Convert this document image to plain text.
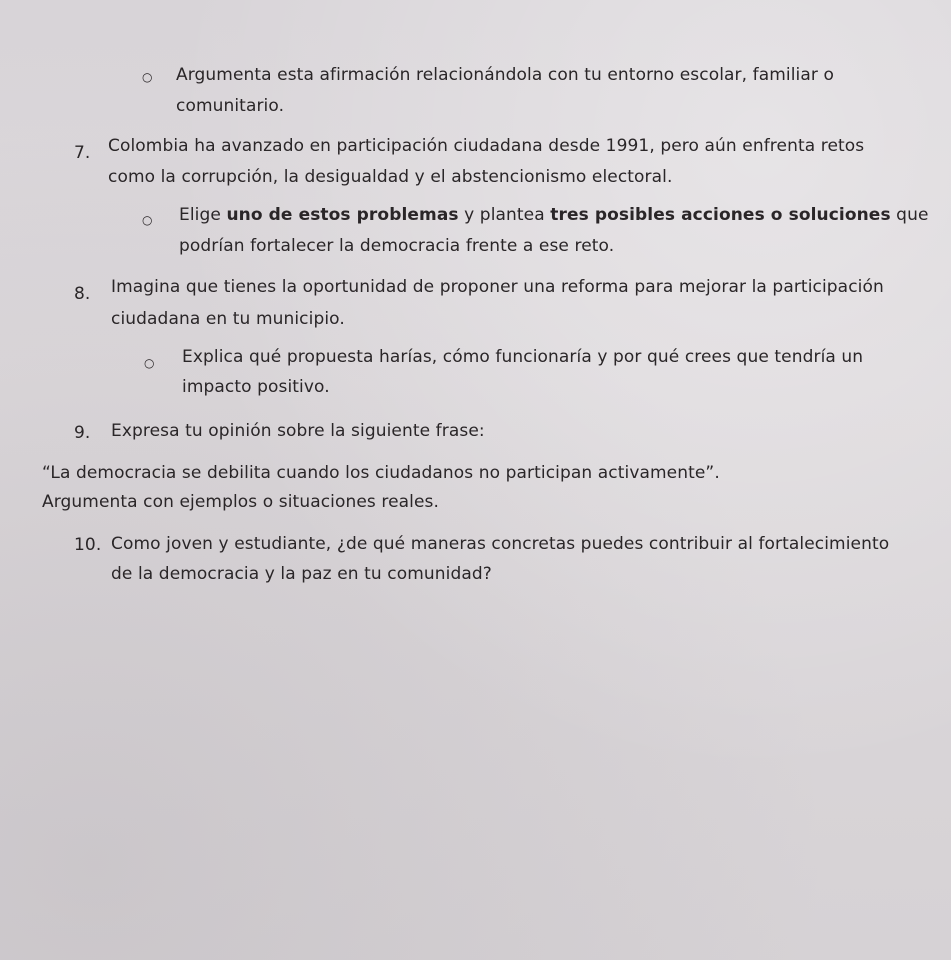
○ Argumenta esta afirmación relacionándola con tu entorno escolar, familiar o
comunitario.
7. Colombia ha avanzado en participación ciudadana desde 1991, pero aún enfrenta retos
como la corrupción, la desigualdad y el abstencionismo electoral.
○ Elige uno de estos problemas y plantea tres posibles acciones o soluciones que
podrían fortalecer la democracia frente a ese reto.
8. Imagina que tienes la oportunidad de proponer una reforma para mejorar la participación
ciudadana en tu municipio.
○ Explica qué propuesta harías, cómo funcionaría y por qué crees que tendría un
impacto positivo.
9. Expresa tu opinión sobre la siguiente frase:
“La democracia se debilita cuando los ciudadanos no participan activamente”.
Argumenta con ejemplos o situaciones reales.
10. Como joven y estudiante, ¿de qué maneras concretas puedes contribuir al fortalecimiento
de la democracia y la paz en tu comunidad?
